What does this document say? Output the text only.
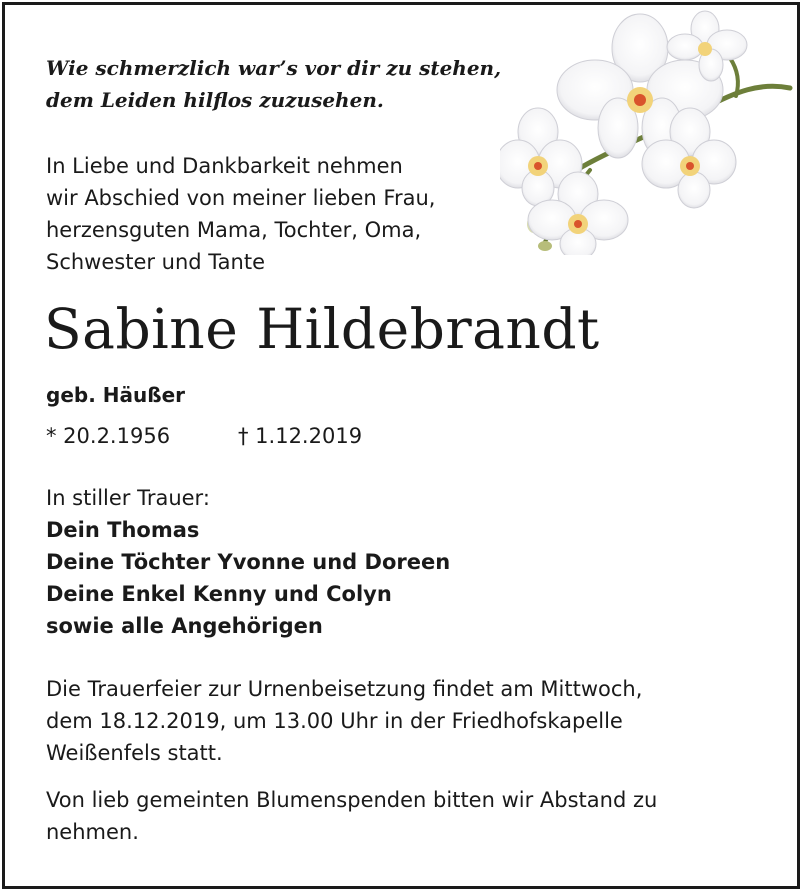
Wie schmerzlich war’s vor dir zu stehen,
dem Leiden hilflos zuzusehen.
In Liebe und Dankbarkeit nehmen
wir Abschied von meiner lieben Frau,
herzensguten Mama, Tochter, Oma,
Schwester und Tante
Sabine Hildebrandt
geb. Häußer
* 20.2.1956	† 1.12.2019
In stiller Trauer:
Dein Thomas
Deine Töchter Yvonne und Doreen
Deine Enkel Kenny und Colyn
sowie alle Angehörigen
Die Trauerfeier zur Urnenbeisetzung findet am Mittwoch,
dem 18.12.2019, um 13.00 Uhr in der Friedhofskapelle
Weißenfels statt.
Von lieb gemeinten Blumenspenden bitten wir Abstand zu
nehmen.
